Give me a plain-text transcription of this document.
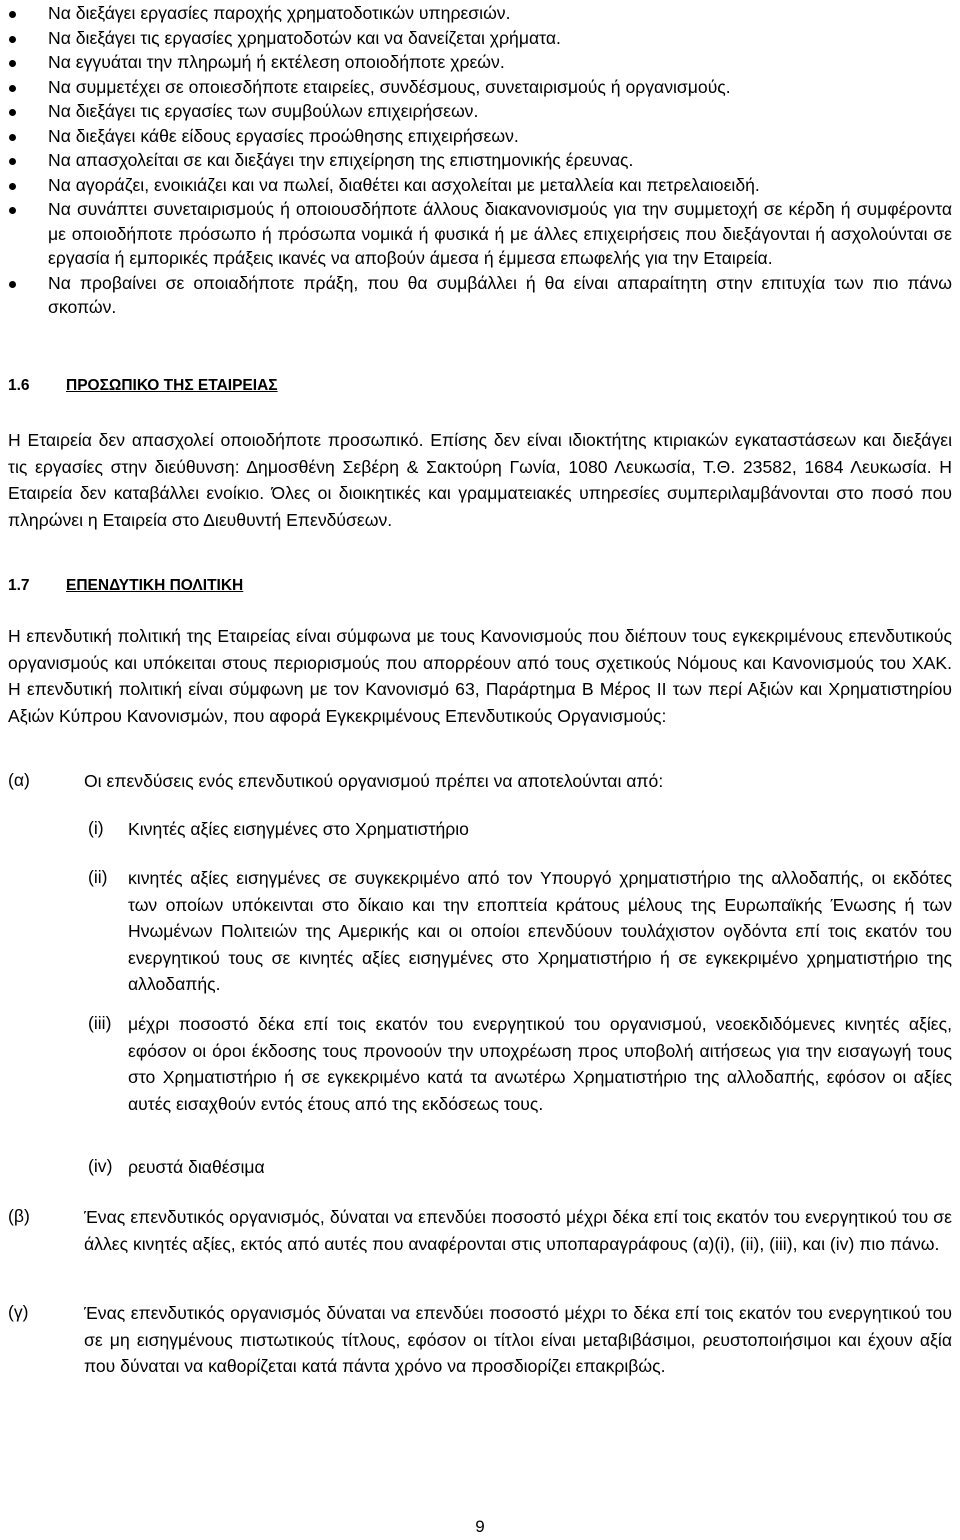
Να διεξάγει εργασίες παροχής χρηματοδοτικών υπηρεσιών.
Να διεξάγει τις εργασίες χρηματοδοτών και να δανείζεται χρήματα.
Να εγγυάται την πληρωμή ή εκτέλεση οποιοδήποτε χρεών.
Να συμμετέχει σε οποιεσδήποτε εταιρείες, συνδέσμους, συνεταιρισμούς ή οργανισμούς.
Να διεξάγει τις εργασίες των συμβούλων επιχειρήσεων.
Να διεξάγει κάθε είδους εργασίες προώθησης επιχειρήσεων.
Να απασχολείται σε και διεξάγει την επιχείρηση της επιστημονικής έρευνας.
Να αγοράζει, ενοικιάζει και να πωλεί, διαθέτει και ασχολείται με μεταλλεία και πετρελαιοειδή.
Να συνάπτει συνεταιρισμούς ή οποιουσδήποτε άλλους διακανονισμούς για την συμμετοχή σε κέρδη ή συμφέροντα με οποιοδήποτε πρόσωπο ή πρόσωπα νομικά ή φυσικά ή με άλλες επιχειρήσεις που διεξάγονται ή ασχολούνται σε εργασία ή εμπορικές πράξεις ικανές να αποβούν άμεσα ή έμμεσα επωφελής για την Εταιρεία.
Να προβαίνει σε οποιαδήποτε πράξη, που θα συμβάλλει ή θα είναι απαραίτητη στην επιτυχία των πιο πάνω σκοπών.
1.6 ΠΡΟΣΩΠΙΚΟ ΤΗΣ ΕΤΑΙΡΕΙΑΣ
Η Εταιρεία δεν απασχολεί οποιοδήποτε προσωπικό. Επίσης δεν είναι ιδιοκτήτης κτιριακών εγκαταστάσεων και διεξάγει τις εργασίες στην διεύθυνση: Δημοσθένη Σεβέρη & Σακτούρη Γωνία, 1080 Λευκωσία, Τ.Θ. 23582, 1684 Λευκωσία. Η Εταιρεία δεν καταβάλλει ενοίκιο. Όλες οι διοικητικές και γραμματειακές υπηρεσίες συμπεριλαμβάνονται στο ποσό που πληρώνει η Εταιρεία στο Διευθυντή Επενδύσεων.
1.7 ΕΠΕΝΔΥΤΙΚΗ ΠΟΛΙΤΙΚΗ
Η επενδυτική πολιτική της Εταιρείας είναι σύμφωνα με τους Κανονισμούς που διέπουν τους εγκεκριμένους επενδυτικούς οργανισμούς και υπόκειται στους περιορισμούς που απορρέουν από τους σχετικούς Νόμους και Κανονισμούς του ΧΑΚ. Η επενδυτική πολιτική είναι σύμφωνη με τον Κανονισμό 63, Παράρτημα Β Μέρος ΙΙ των περί Αξιών και Χρηματιστηρίου Αξιών Κύπρου Κανονισμών, που αφορά Εγκεκριμένους Επενδυτικούς Οργανισμούς:
(α)	Οι επενδύσεις ενός επενδυτικού οργανισμού πρέπει να αποτελούνται από:
(i) Κινητές αξίες εισηγμένες στο Χρηματιστήριο
(ii) κινητές αξίες εισηγμένες σε συγκεκριμένο από τον Υπουργό χρηματιστήριο της αλλοδαπής, οι εκδότες των οποίων υπόκεινται στο δίκαιο και την εποπτεία κράτους μέλους της Ευρωπαϊκής Ένωσης ή των Ηνωμένων Πολιτειών της Αμερικής και οι οποίοι επενδύουν τουλάχιστον ογδόντα επί τοις εκατόν του ενεργητικού τους σε κινητές αξίες εισηγμένες στο Χρηματιστήριο ή σε εγκεκριμένο χρηματιστήριο της αλλοδαπής.
(iii) μέχρι ποσοστό δέκα επί τοις εκατόν του ενεργητικού του οργανισμού, νεοεκδιδόμενες κινητές αξίες, εφόσον οι όροι έκδοσης τους προνοούν την υποχρέωση προς υποβολή αιτήσεως για την εισαγωγή τους στο Χρηματιστήριο ή σε εγκεκριμένο κατά τα ανωτέρω Χρηματιστήριο της αλλοδαπής, εφόσον οι αξίες αυτές εισαχθούν εντός έτους από της εκδόσεως τους.
(iv) ρευστά διαθέσιμα
(β)	Ένας επενδυτικός οργανισμός, δύναται να επενδύει ποσοστό μέχρι δέκα επί τοις εκατόν του ενεργητικού του σε άλλες κινητές αξίες, εκτός από αυτές που αναφέρονται στις υποπαραγράφους (α)(i), (ii), (iii), και (iv) πιο πάνω.
(γ)	Ένας επενδυτικός οργανισμός δύναται να επενδύει ποσοστό μέχρι το δέκα επί τοις εκατόν του ενεργητικού του σε μη εισηγμένους πιστωτικούς τίτλους, εφόσον οι τίτλοι είναι μεταβιβάσιμοι, ρευστοποιήσιμοι και έχουν αξία που δύναται να καθορίζεται κατά πάντα χρόνο να προσδιορίζει επακριβώς.
9
